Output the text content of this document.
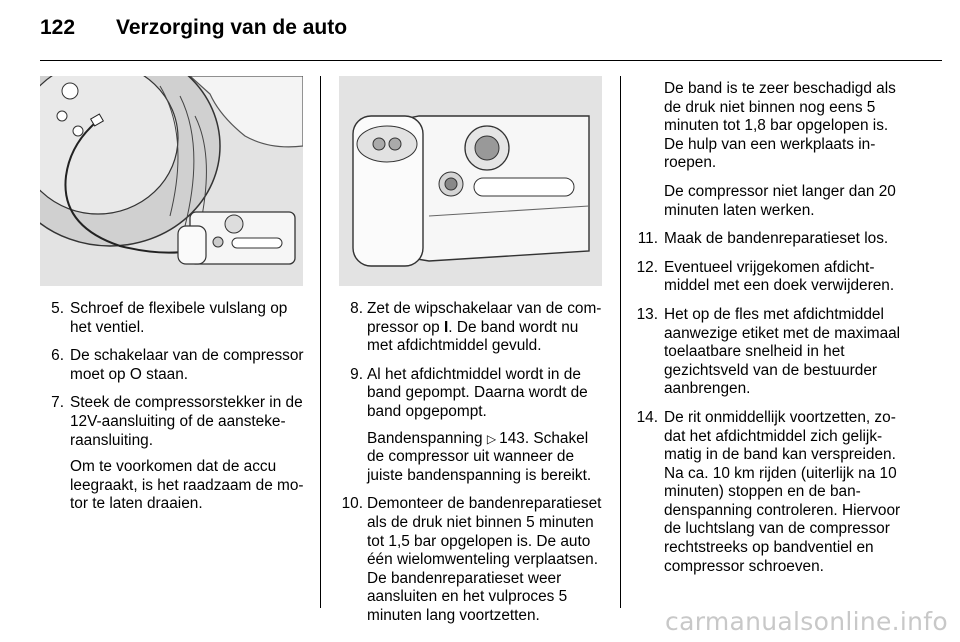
122	Verzorging van de auto
5. Schroef de flexibele vulslang op het ventiel.
6. De schakelaar van de compressor moet op O staan.
7. Steek de compressorstekker in de 12V-aansluiting of de aanstekeraansluiting.
Om te voorkomen dat de accu leegraakt, is het raadzaam de motor te laten draaien.
8. Zet de wipschakelaar van de compressor op I. De band wordt nu met afdichtmiddel gevuld.
9. Al het afdichtmiddel wordt in de band gepompt. Daarna wordt de band opgepompt.
Bandenspanning ▷  143. Schakel de compressor uit wanneer de juiste bandenspanning is bereikt.
10. Demonteer de bandenreparatieset als de druk niet binnen 5 minuten tot 1,5 bar opgelopen is. De auto één wielomwenteling verplaatsen. De bandenreparatieset weer aansluiten en het vulproces 5 minuten lang voortzetten.
De band is te zeer beschadigd als de druk niet binnen nog eens 5 minuten tot 1,8 bar opgelopen is. De hulp van een werkplaats inroepen.
De compressor niet langer dan 20 minuten laten werken.
11. Maak de bandenreparatieset los.
12. Eventueel vrijgekomen afdichtmiddel met een doek verwijderen.
13. Het op de fles met afdichtmiddel aanwezige etiket met de maximaal toelaatbare snelheid in het gezichtsveld van de bestuurder aanbrengen.
14. De rit onmiddellijk voortzetten, zodat het afdichtmiddel zich gelijkmatig in de band kan verspreiden. Na ca. 10 km rijden (uiterlijk na 10 minuten) stoppen en de bandenspanning controleren. Hiervoor de luchtslang van de compressor rechtstreeks op bandventiel en compressor schroeven.
carmanualsonline.info
